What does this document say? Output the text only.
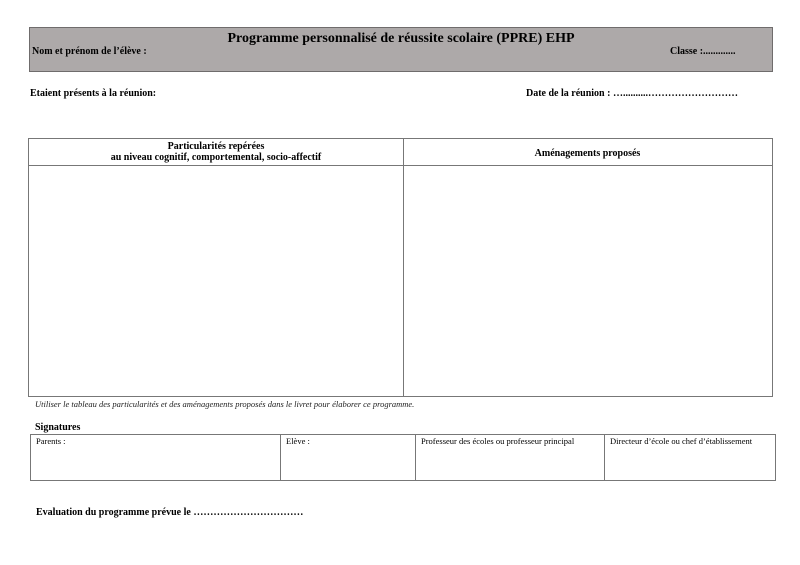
Programme personnalisé de réussite scolaire (PPRE) EHP
Nom et prénom de l’élève :	Classe :.............
Etaient présents à la réunion:	Date de la réunion : …..........………………………
Particularités repérées
au niveau cognitif, comportemental, socio-affectif	Aménagements proposés
Utiliser le tableau des particularités et des aménagements proposés dans le livret pour élaborer ce programme.
Signatures
Parents :	Elève :	Professeur des écoles ou professeur principal	Directeur d’école ou chef d’établissement
Evaluation du programme prévue le ……………………………
